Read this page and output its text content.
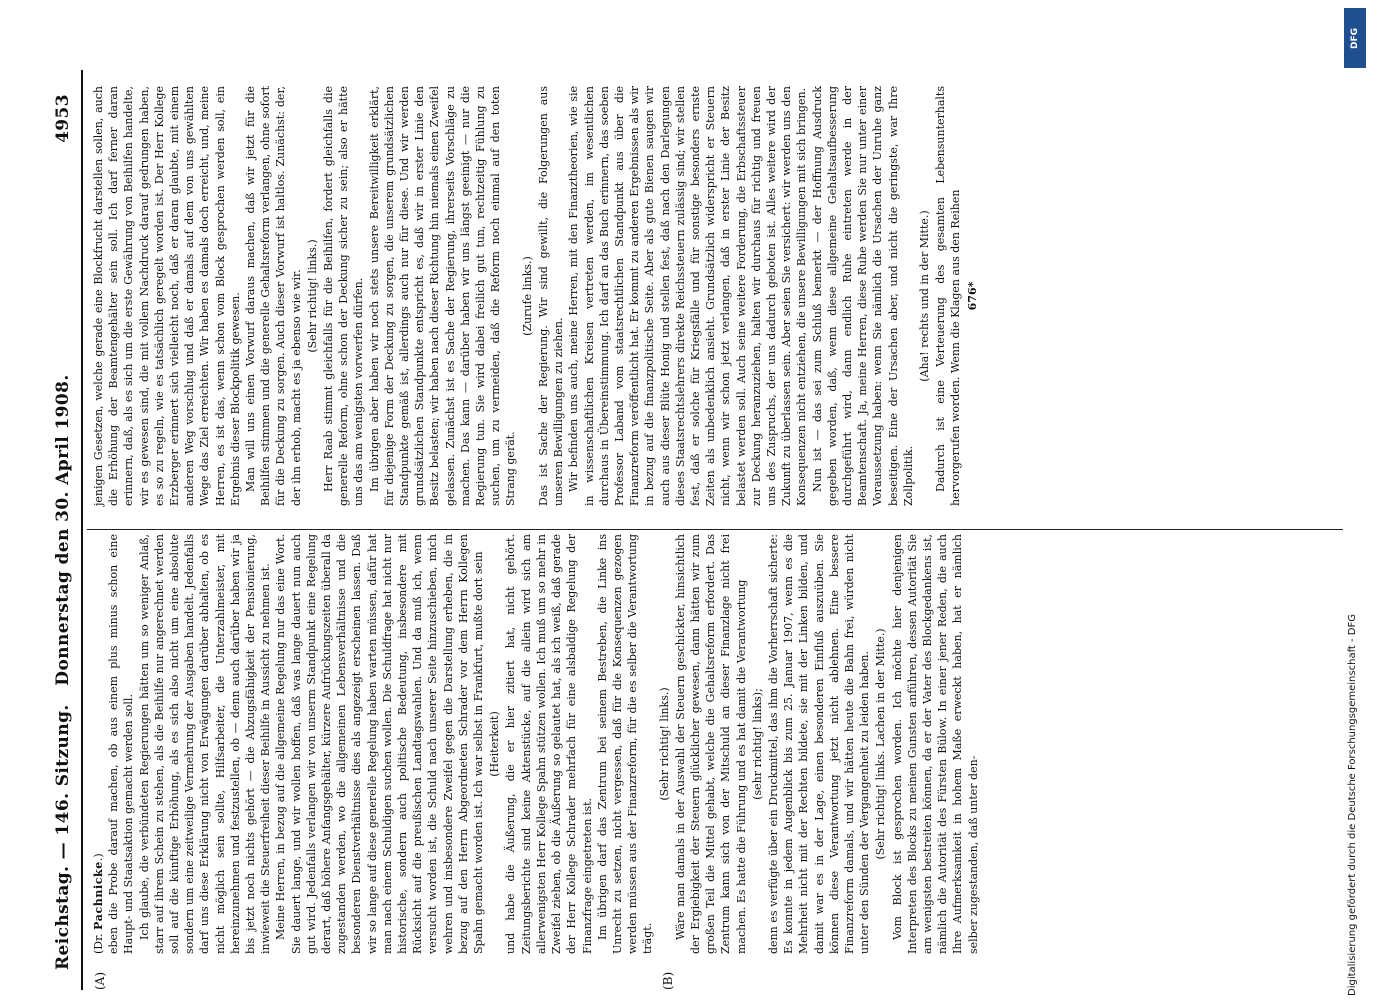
Reichstag. — 146. Sitzung.
Donnerstag den 30. April 1908.
4953
(A)	(B)

(Dr. Pachnicke.) eben die Probe darauf machen, ob aus einem plus minus schon eine Haupt- und Staatsaktion gemacht werden soll. Ich glaube, die verbündeten Regierungen hätten um so weniger Anlaß, starr auf ihrem Schein zu stehen, als die Beihilfe nur angerechnet werden soll auf die künftige Erhöhung, als es sich also nicht um eine absolute sondern um eine zeitweilige Vermehrung der Ausgaben handelt. Jedenfalls darf uns diese Erklärung nicht von Erwägungen darüber abhalten, ob es nicht möglich sein sollte, Hilfsarbeiter, die Unterzahlmeister, mit hereinzunehmen und festzustellen, ob — denn auch darüber haben wir ja bis jetzt noch nichts gehört — die Abzugsfähigkeit der Pensionierung, inwieweit die Steuerfreiheit dieser Beihilfe in Aussicht zu nehmen ist. Meine Herren, in bezug auf die allgemeine Regelung nur das eine Wort. Sie dauert lange, und wir wollen hoffen, daß was lange dauert nun auch gut wird. Jedenfalls verlangen wir von unserm Standpunkt eine Regelung derart, daß höhere Anfangsgehälter, kürzere Aufrückungszeiten überall da zugestanden werden, wo die allgemeinen Lebensverhältnisse und die besonderen Dienstverhältnisse dies als angezeigt erscheinen lassen. Daß wir so lange auf diese generelle Regelung haben warten müssen, dafür hat man nach einem Schuldigen suchen wollen. Die Schuldfrage hat nicht nur historische, sondern auch politische Bedeutung, insbesondere mit Rücksicht auf die preußischen Landtagswahlen. Und da muß ich, wenn versucht worden ist, die Schuld nach unserer Seite hinzuschieben, mich wehren und insbesondere Zweifel gegen die Darstellung erheben, die in bezug auf den Herrn Abgeordneten Schrader vor dem Herrn Kollegen Spahn gemacht worden ist. Ich war selbst in Frankfurt, mußte dort sein (Heiterkeit) und habe die Äußerung, die er hier zitiert hat, nicht gehört. Zeitungsberichte sind keine Aktenstücke, auf die allein wird sich am allerwenigsten Herr Kollege Spahn stützen wollen. Ich muß um so mehr in Zweifel ziehen, ob die Äußerung so gelautet hat, als ich weiß, daß gerade der Herr Kollege Schrader mehrfach für eine alsbaldige Regelung der Finanzfrage eingetreten ist. Im übrigen darf das Zentrum bei seinem Bestreben, die Linke ins Unrecht zu setzen, nicht vergessen, daß für die Konsequenzen gezogen werden müssen aus der Finanzreform, für die es selber die Verantwortung trägt.

(Sehr richtig! links.) Wäre man damals in der Auswahl der Steuern geschickter, hinsichtlich der Ergiebigkeit der Steuern glücklicher gewesen, dann hätten wir zum großen Teil die Mittel gehabt, welche die Gehaltsreform erfordert. Das Zentrum kann sich von der Mitschuld an dieser Finanzlage nicht frei machen. Es hatte die Führung und es hat damit die Verantwortung (sehr richtig! links); denn es verfügte über ein Druckmittel, das ihm die Vorherrschaft sicherte: Es konnte in jedem Augenblick bis zum 25. Januar 1907, wenn es die Mehrheit nicht mit der Rechten bildete, sie mit der Linken bilden, und damit war es in der Lage, einen besonderen Einfluß auszuüben. Sie können diese Verantwortung jetzt nicht ablehnen. Eine bessere Finanzreform damals, und wir hätten heute die Bahn frei, würden nicht unter den Sünden der Vergangenheit zu leiden haben. (Sehr richtig! links. Lachen in der Mitte.) Vom Block ist gesprochen worden. Ich möchte hier denjenigen Interpreten des Blocks zu meinen Gunsten anführen, dessen Autorität Sie am wenigsten bestreiten können, da er der Vater des Blockgedankens ist, nämlich die Autorität des Fürsten Bülow. In einer jener Reden, die auch Ihre Aufmerksamkeit in hohem Maße erweckt haben, hat er nämlich selber zugestanden, daß unter den-

jenigen Gesetzen, welche gerade eine Blockfrucht darstellen sollen, auch die Erhöhung der Beamtengehälter sein soll. Ich darf ferner daran erinnern, daß, als es sich um die erste Gewährung von Beihilfen handelte, wir es gewesen sind, die mit vollem Nachdruck darauf gedrungen haben, es so zu regeln, wie es tatsächlich geregelt worden ist. Der Herr Kollege Erzberger erinnert sich vielleicht noch, daß er daran glaubte, mit einem anderen Weg vorschlug und daß er damals auf dem von uns gewählten Wege das Ziel erreichten. Wir haben es damals doch erreicht, und, meine Herren, es ist das, wenn schon vom Block gesprochen werden soll, ein Ergebnis dieser Blockpolitik gewesen. Man will uns einen Vorwurf daraus machen, daß wir jetzt für die Beihilfen stimmen und die generelle Gehaltsreform verlangen, ohne sofort für die Deckung zu sorgen. Auch dieser Vorwurf ist haltlos. Zunächst: der, der ihn erhob, macht es ja ebenso wie wir. (Sehr richtig! links.) Herr Raab stimmt gleichfalls für die Beihilfen, fordert gleichfalls die generelle Reform, ohne schon der Deckung sicher zu sein; also er hätte uns das am wenigsten vorwerfen dürfen. Im übrigen aber haben wir noch stets unsere Bereitwilligkeit erklärt, für diejenige Form der Deckung zu sorgen, die unserem grundsätzlichen Standpunkte gemäß ist, allerdings auch nur für diese. Und wir werden grundsätzlichen Standpunkte entspricht es, daß wir in erster Linie den Besitz belasten; wir haben nach dieser Richtung hin niemals einen Zweifel gelassen. Zunächst ist es Sache der Regierung, ihrerseits Vorschläge zu machen. Das kann — darüber haben wir uns längst geeinigt — nur die Regierung tun. Sie wird dabei freilich gut tun, rechtzeitig Fühlung zu suchen, um zu vermeiden, daß die Reform noch einmal auf den toten Strang gerät.

(Zurufe links.) Das ist Sache der Regierung. Wir sind gewillt, die Folgerungen aus unseren Bewilligungen zu ziehen. Wir befinden uns auch, meine Herren, mit den Finanztheorien, wie sie in wissenschaftlichen Kreisen vertreten werden, im wesentlichen durchaus in Übereinstimmung. Ich darf an das Buch erinnern, das soeben Professor Laband vom staatsrechtlichen Standpunkt aus über die Finanzreform veröffentlicht hat. Er kommt zu anderen Ergebnissen als wir in bezug auf die finanzpolitische Seite. Aber als gute Bienen saugen wir auch aus dieser Blüte Honig und stellen fest, daß nach den Darlegungen dieses Staatsrechtslehrers direkte Reichssteuern zulässig sind; wir stellen fest, daß er solche für Kriegsfälle und für sonstige besonders ernste Zeiten als unbedenklich ansieht. Grundsätzlich widerspricht er Steuern nicht, wenn wir schon jetzt verlangen, daß in erster Linie der Besitz belastet werden soll. Auch seine weitere Forderung, die Erbschaftssteuer zur Deckung heranzuziehen, halten wir durchaus für richtig und freuen uns des Zuspruchs, der uns dadurch geboten ist. Alles weitere wird der Zukunft zu überlassen sein. Aber seien Sie versichert: wir werden uns den Konsequenzen nicht entziehen, die unsere Bewilligungen mit sich bringen. Nun ist — das sei zum Schluß bemerkt — der Hoffnung Ausdruck gegeben worden, daß, wenn diese allgemeine Gehaltsaufbesserung durchgeführt wird, dann endlich Ruhe eintreten werde in der Beamtenschaft. Ja, meine Herren, diese Ruhe werden Sie nur unter einer Voraussetzung haben: wenn Sie nämlich die Ursachen der Unruhe ganz beseitigen. Eine der Ursachen aber, und nicht die geringste, war Ihre Zollpolitik.

(Aha! rechts und in der Mitte.) Dadurch ist eine Verteuerung des gesamten Lebensunterhalts hervorgerufen worden. Wenn die Klagen aus den Reihen 676*

DFG
Digitalisierung gefördert durch die Deutsche Forschungsgemeinschaft - DFG
